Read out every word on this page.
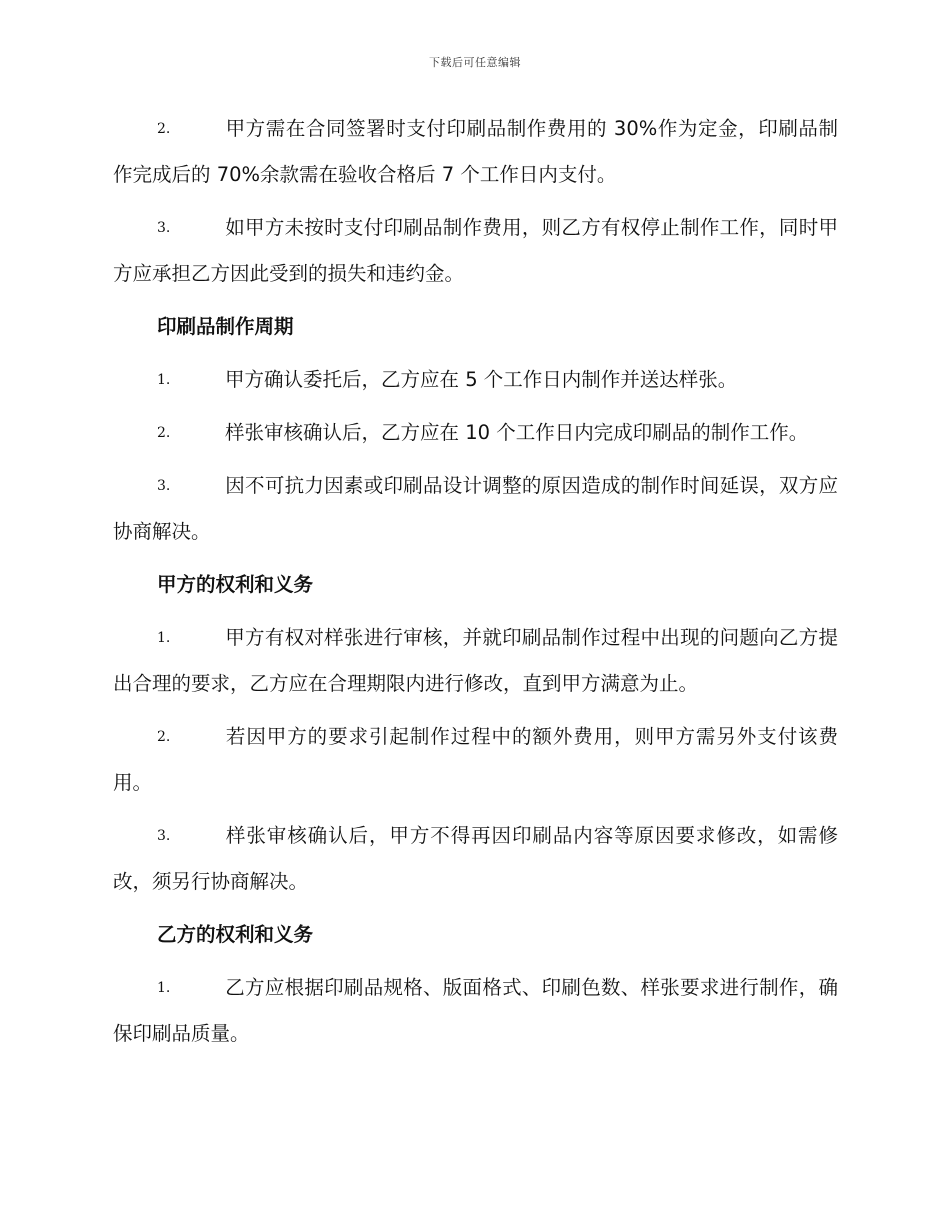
下载后可任意编辑

2.	甲方需在合同签署时支付印刷品制作费用的 30%作为定金，印刷品制作完成后的 70%余款需在验收合格后 7 个工作日内支付。

3.	如甲方未按时支付印刷品制作费用，则乙方有权停止制作工作，同时甲方应承担乙方因此受到的损失和违约金。

印刷品制作周期

1.	甲方确认委托后，乙方应在 5 个工作日内制作并送达样张。

2.	样张审核确认后，乙方应在 10 个工作日内完成印刷品的制作工作。

3.	因不可抗力因素或印刷品设计调整的原因造成的制作时间延误，双方应协商解决。

甲方的权利和义务

1.	甲方有权对样张进行审核，并就印刷品制作过程中出现的问题向乙方提出合理的要求，乙方应在合理期限内进行修改，直到甲方满意为止。

2.	若因甲方的要求引起制作过程中的额外费用，则甲方需另外支付该费用。

3.	样张审核确认后，甲方不得再因印刷品内容等原因要求修改，如需修改，须另行协商解决。

乙方的权利和义务

1.	乙方应根据印刷品规格、版面格式、印刷色数、样张要求进行制作，确保印刷品质量。
